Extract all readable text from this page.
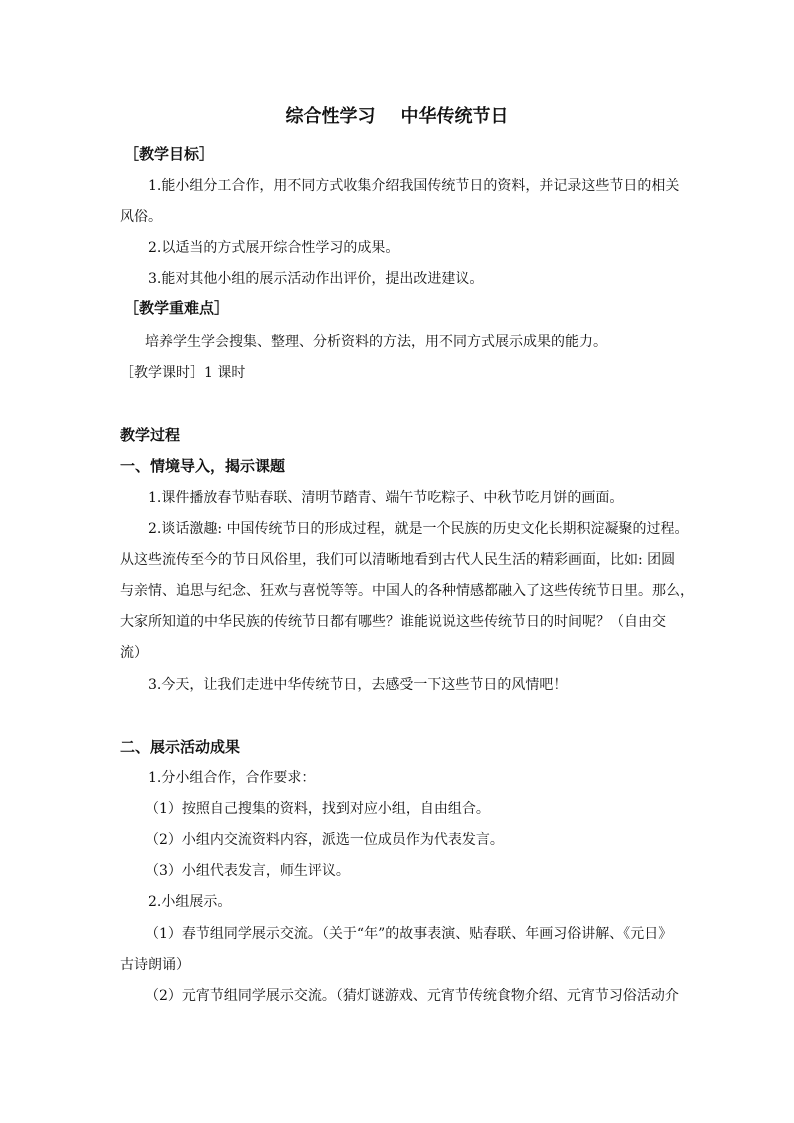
综合性学习    中华传统节日
［教学目标］
1.能小组分工合作，用不同方式收集介绍我国传统节日的资料，并记录这些节日的相关
风俗。
2.以适当的方式展开综合性学习的成果。
3.能对其他小组的展示活动作出评价，提出改进建议。
［教学重难点］
培养学生学会搜集、整理、分析资料的方法，用不同方式展示成果的能力。
［教学课时］1 课时
教学过程
一、情境导入，揭示课题
1.课件播放春节贴春联、清明节踏青、端午节吃粽子、中秋节吃月饼的画面。
2.谈话激趣: 中国传统节日的形成过程，就是一个民族的历史文化长期积淀凝聚的过程。
从这些流传至今的节日风俗里，我们可以清晰地看到古代人民生活的精彩画面，比如: 团圆
与亲情、追思与纪念、狂欢与喜悦等等。中国人的各种情感都融入了这些传统节日里。那么，
大家所知道的中华民族的传统节日都有哪些？谁能说说这些传统节日的时间呢？（自由交
流）
3.今天，让我们走进中华传统节日，去感受一下这些节日的风情吧！
二、展示活动成果
1.分小组合作，合作要求：
（1）按照自己搜集的资料，找到对应小组，自由组合。
（2）小组内交流资料内容，派选一位成员作为代表发言。
（3）小组代表发言，师生评议。
2.小组展示。
（1）春节组同学展示交流。（关于“年”的故事表演、贴春联、年画习俗讲解、《元日》
古诗朗诵）
（2）元宵节组同学展示交流。（猜灯谜游戏、元宵节传统食物介绍、元宵节习俗活动介
